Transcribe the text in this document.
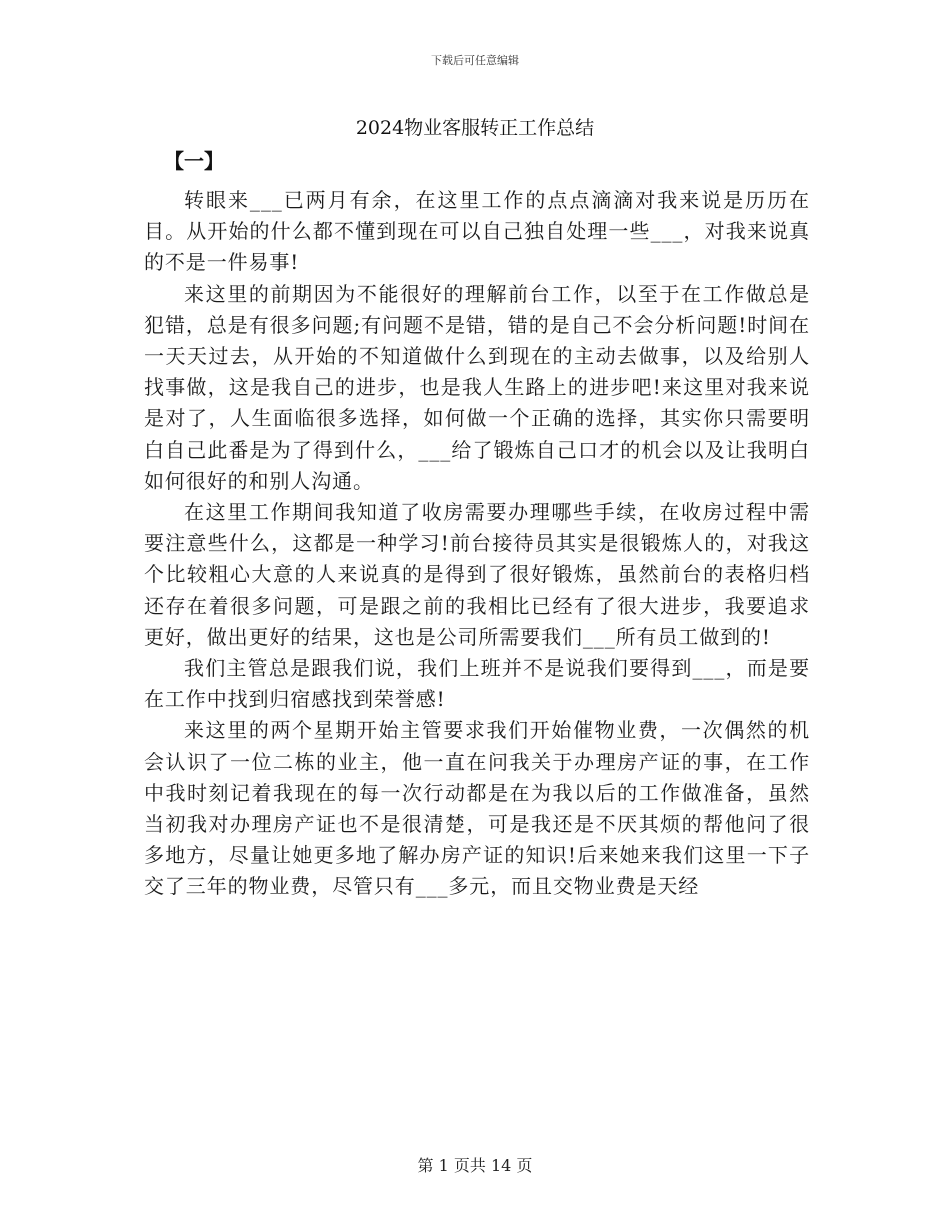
下载后可任意编辑
2024物业客服转正工作总结
【一】

转眼来___已两月有余，在这里工作的点点滴滴对我来说是历历在目。从开始的什么都不懂到现在可以自己独自处理一些___，对我来说真的不是一件易事!

来这里的前期因为不能很好的理解前台工作，以至于在工作做总是犯错，总是有很多问题;有问题不是错，错的是自己不会分析问题!时间在一天天过去，从开始的不知道做什么到现在的主动去做事，以及给别人找事做，这是我自己的进步，也是我人生路上的进步吧!来这里对我来说是对了，人生面临很多选择，如何做一个正确的选择，其实你只需要明白自己此番是为了得到什么，___给了锻炼自己口才的机会以及让我明白如何很好的和别人沟通。

在这里工作期间我知道了收房需要办理哪些手续，在收房过程中需要注意些什么，这都是一种学习!前台接待员其实是很锻炼人的，对我这个比较粗心大意的人来说真的是得到了很好锻炼，虽然前台的表格归档还存在着很多问题，可是跟之前的我相比已经有了很大进步，我要追求更好，做出更好的结果，这也是公司所需要我们___所有员工做到的!

我们主管总是跟我们说，我们上班并不是说我们要得到___，而是要在工作中找到归宿感找到荣誉感!

来这里的两个星期开始主管要求我们开始催物业费，一次偶然的机会认识了一位二栋的业主，他一直在问我关于办理房产证的事，在工作中我时刻记着我现在的每一次行动都是在为我以后的工作做准备，虽然当初我对办理房产证也不是很清楚，可是我还是不厌其烦的帮他问了很多地方，尽量让她更多地了解办房产证的知识!后来她来我们这里一下子交了三年的物业费，尽管只有___多元，而且交物业费是天经

第 1 页共 14 页
